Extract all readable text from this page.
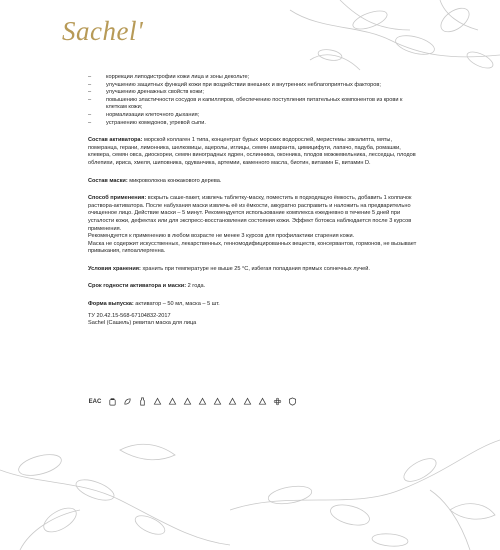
Sachel'
– коррекции липодистрофии кожи лица и зоны декольте;
– улучшению защитных функций кожи при воздействии внешних и внутренних неблагоприятных факторов;
– улучшению дренажных свойств кожи;
– повышению эластичности сосудов и капилляров, обеспечению поступления питательных компонентов из крови к клеткам кожи;
– нормализации клеточного дыхания;
– устранению комедонов, угревой сыпи.

Состав активатора: морской коллаген 1 типа, концентрат бурых морских водорослей, меристемы эвкалипта, мяты, померанца, герани, лимонника, шелковицы, ацеролы, иглицы, семян амаранта, цимицифуги, лапачо, падуба, ромашки, клевера, семян овса, диоскореи, семян виноградных ядрен, ослинника, оконника, плодов можжевельника, лесседцы, плодов облепихи, ириса, хмеля, шиповника, одуванчика, артемии, каменного масла, биотин, витамин Е, витамин D.

Состав маски: микроволокна конжакового дерева.

Способ применения: вскрыть саше-пакет, извлечь таблетку-маску, поместить в подходящую ёмкость, добавить 1 колпачок раствора-активатора. После набухания маски извлечь её из ёмкости, аккуратно расправить и наложить на предварительно очищенное лицо. Действие маски – 5 минут. Рекомендуется использование комплекса ежедневно в течение 5 дней при усталости кожи, дефектах или для экспресс-восстановления состояния кожи. Эффект ботокса наблюдается после 3 курсов применения.
Рекомендуется к применению в любом возрасте не менее 3 курсов для профилактики старения кожи.
Маска не содержит искусственных, лекарственных, генномодифицированных веществ, консервантов, гормонов, не вызывает привыкания, гипоаллергенна.

Условия хранения: хранить при температуре не выше 25 °С, избегая попадания прямых солнечных лучей.

Срок годности активатора и маски: 2 года.

Форма выпуска: активатор – 50 мл, маска – 5 шт.

ТУ 20.42.15-568-67104832-2017
Sachel (Сашель) ревитал маска для лица
EAC
